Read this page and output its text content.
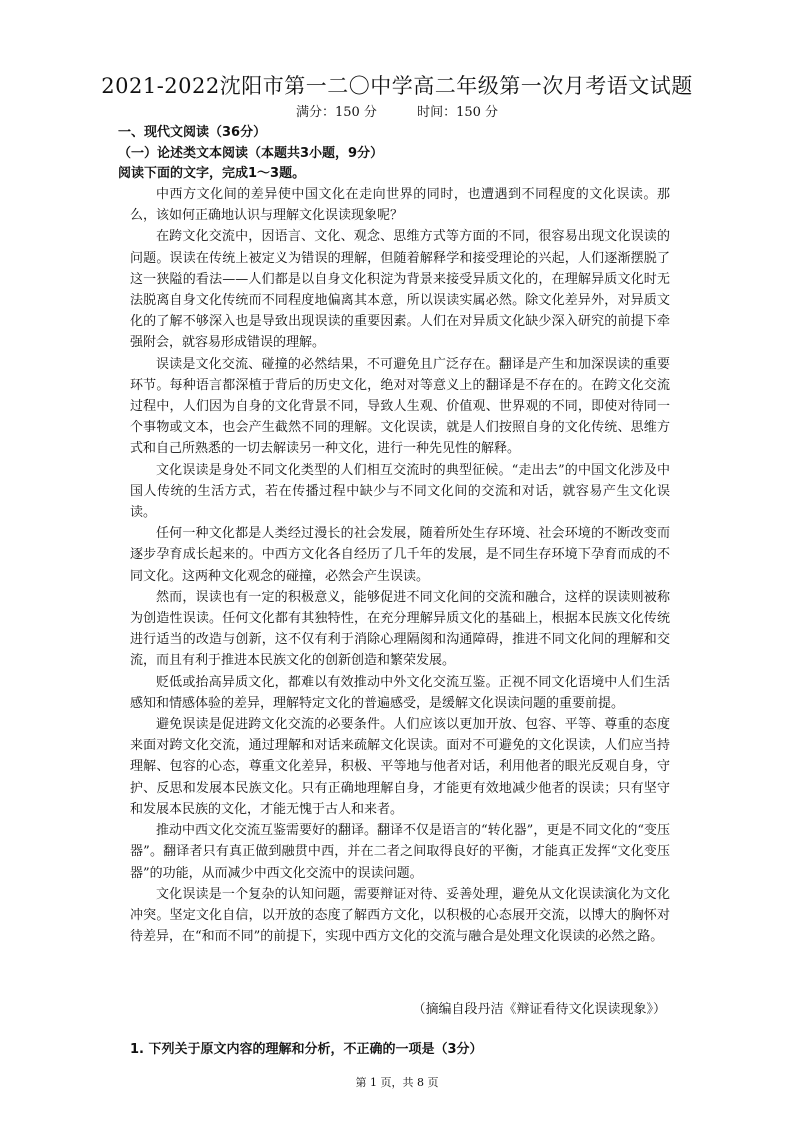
2021-2022沈阳市第一二〇中学高二年级第一次月考语文试题
满分：150 分	时间：150 分
一、现代文阅读（36分）
（一）论述类文本阅读（本题共3小题，9分）
阅读下面的文字，完成1～3题。

中西方文化间的差异使中国文化在走向世界的同时，也遭遇到不同程度的文化误读。那么，该如何正确地认识与理解文化误读现象呢？

在跨文化交流中，因语言、文化、观念、思维方式等方面的不同，很容易出现文化误读的问题。误读在传统上被定义为错误的理解，但随着解释学和接受理论的兴起，人们逐渐摆脱了这一狭隘的看法——人们都是以自身文化积淀为背景来接受异质文化的，在理解异质文化时无法脱离自身文化传统而不同程度地偏离其本意，所以误读实属必然。除文化差异外，对异质文化的了解不够深入也是导致出现误读的重要因素。人们在对异质文化缺少深入研究的前提下牵强附会，就容易形成错误的理解。

误读是文化交流、碰撞的必然结果，不可避免且广泛存在。翻译是产生和加深误读的重要环节。每种语言都深植于背后的历史文化，绝对对等意义上的翻译是不存在的。在跨文化交流过程中，人们因为自身的文化背景不同，导致人生观、价值观、世界观的不同，即使对待同一个事物或文本，也会产生截然不同的理解。文化误读，就是人们按照自身的文化传统、思维方式和自己所熟悉的一切去解读另一种文化，进行一种先见性的解释。

文化误读是身处不同文化类型的人们相互交流时的典型征候。“走出去”的中国文化涉及中国人传统的生活方式，若在传播过程中缺少与不同文化间的交流和对话，就容易产生文化误读。

任何一种文化都是人类经过漫长的社会发展，随着所处生存环境、社会环境的不断改变而逐步孕育成长起来的。中西方文化各自经历了几千年的发展，是不同生存环境下孕育而成的不同文化。这两种文化观念的碰撞，必然会产生误读。

然而，误读也有一定的积极意义，能够促进不同文化间的交流和融合，这样的误读则被称为创造性误读。任何文化都有其独特性，在充分理解异质文化的基础上，根据本民族文化传统进行适当的改造与创新，这不仅有利于消除心理隔阂和沟通障碍，推进不同文化间的理解和交流，而且有利于推进本民族文化的创新创造和繁荣发展。

贬低或抬高异质文化，都难以有效推动中外文化交流互鉴。正视不同文化语境中人们生活感知和情感体验的差异，理解特定文化的普遍感受，是缓解文化误读问题的重要前提。

避免误读是促进跨文化交流的必要条件。人们应该以更加开放、包容、平等、尊重的态度来面对跨文化交流，通过理解和对话来疏解文化误读。面对不可避免的文化误读，人们应当持理解、包容的心态，尊重文化差异，积极、平等地与他者对话，利用他者的眼光反观自身，守护、反思和发展本民族文化。只有正确地理解自身，才能更有效地减少他者的误读；只有坚守和发展本民族的文化，才能无愧于古人和来者。

推动中西文化交流互鉴需要好的翻译。翻译不仅是语言的“转化器”，更是不同文化的“变压器”。翻译者只有真正做到融贯中西，并在二者之间取得良好的平衡，才能真正发挥“文化变压器”的功能，从而减少中西文化交流中的误读问题。

文化误读是一个复杂的认知问题，需要辩证对待、妥善处理，避免从文化误读演化为文化冲突。坚定文化自信，以开放的态度了解西方文化，以积极的心态展开交流，以博大的胸怀对待差异，在“和而不同”的前提下，实现中西方文化的交流与融合是处理文化误读的必然之路。

（摘编自段丹洁《辩证看待文化误读现象》）
1. 下列关于原文内容的理解和分析，不正确的一项是（3分）
第 1 页，共 8 页
